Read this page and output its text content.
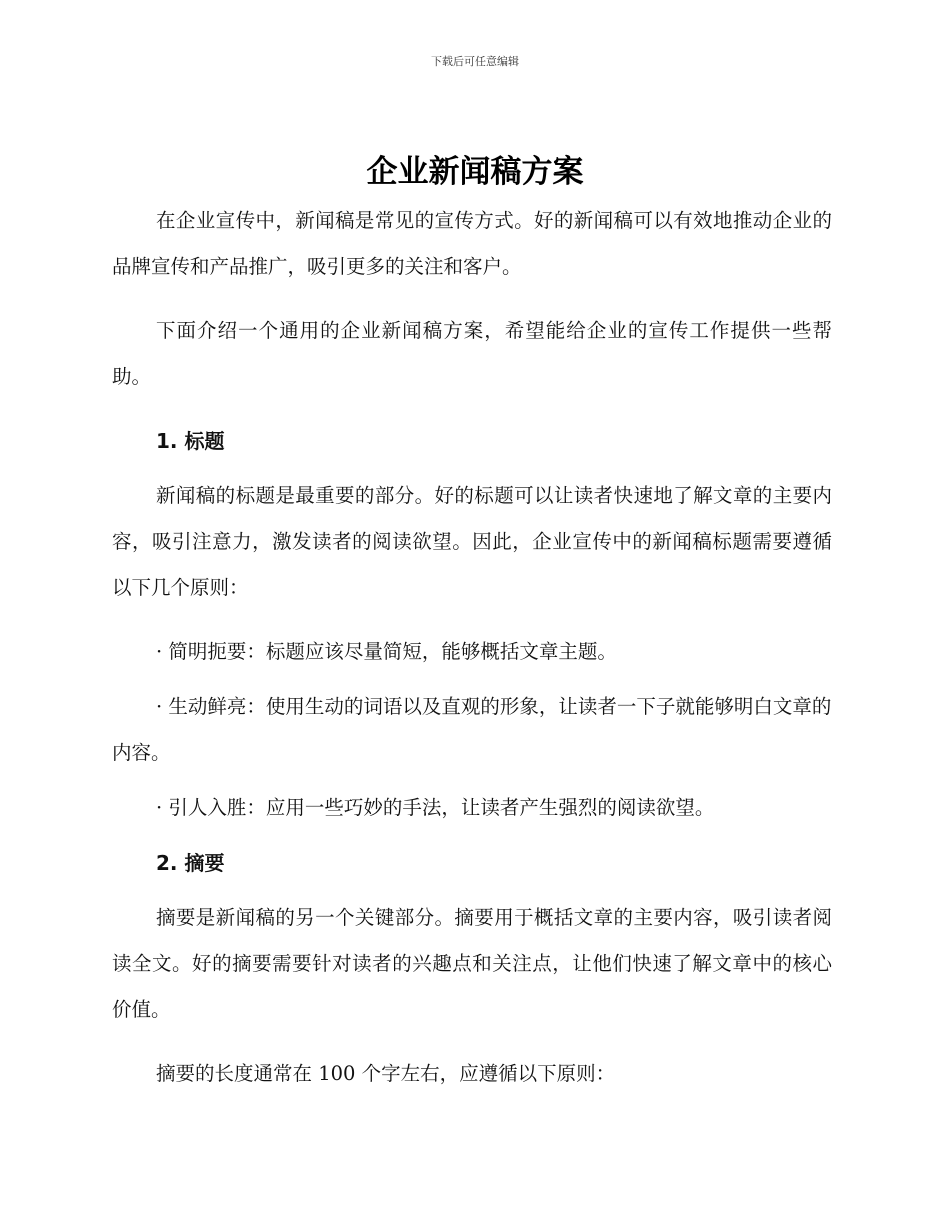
下载后可任意编辑
企业新闻稿方案

在企业宣传中，新闻稿是常见的宣传方式。好的新闻稿可以有效地推动企业的品牌宣传和产品推广，吸引更多的关注和客户。

下面介绍一个通用的企业新闻稿方案，希望能给企业的宣传工作提供一些帮助。

1. 标题

新闻稿的标题是最重要的部分。好的标题可以让读者快速地了解文章的主要内容，吸引注意力，激发读者的阅读欲望。因此，企业宣传中的新闻稿标题需要遵循以下几个原则：

· 简明扼要：标题应该尽量简短，能够概括文章主题。
· 生动鲜亮：使用生动的词语以及直观的形象，让读者一下子就能够明白文章的内容。
· 引人入胜：应用一些巧妙的手法，让读者产生强烈的阅读欲望。
2. 摘要

摘要是新闻稿的另一个关键部分。摘要用于概括文章的主要内容，吸引读者阅读全文。好的摘要需要针对读者的兴趣点和关注点，让他们快速了解文章中的核心价值。

摘要的长度通常在 100 个字左右，应遵循以下原则：
